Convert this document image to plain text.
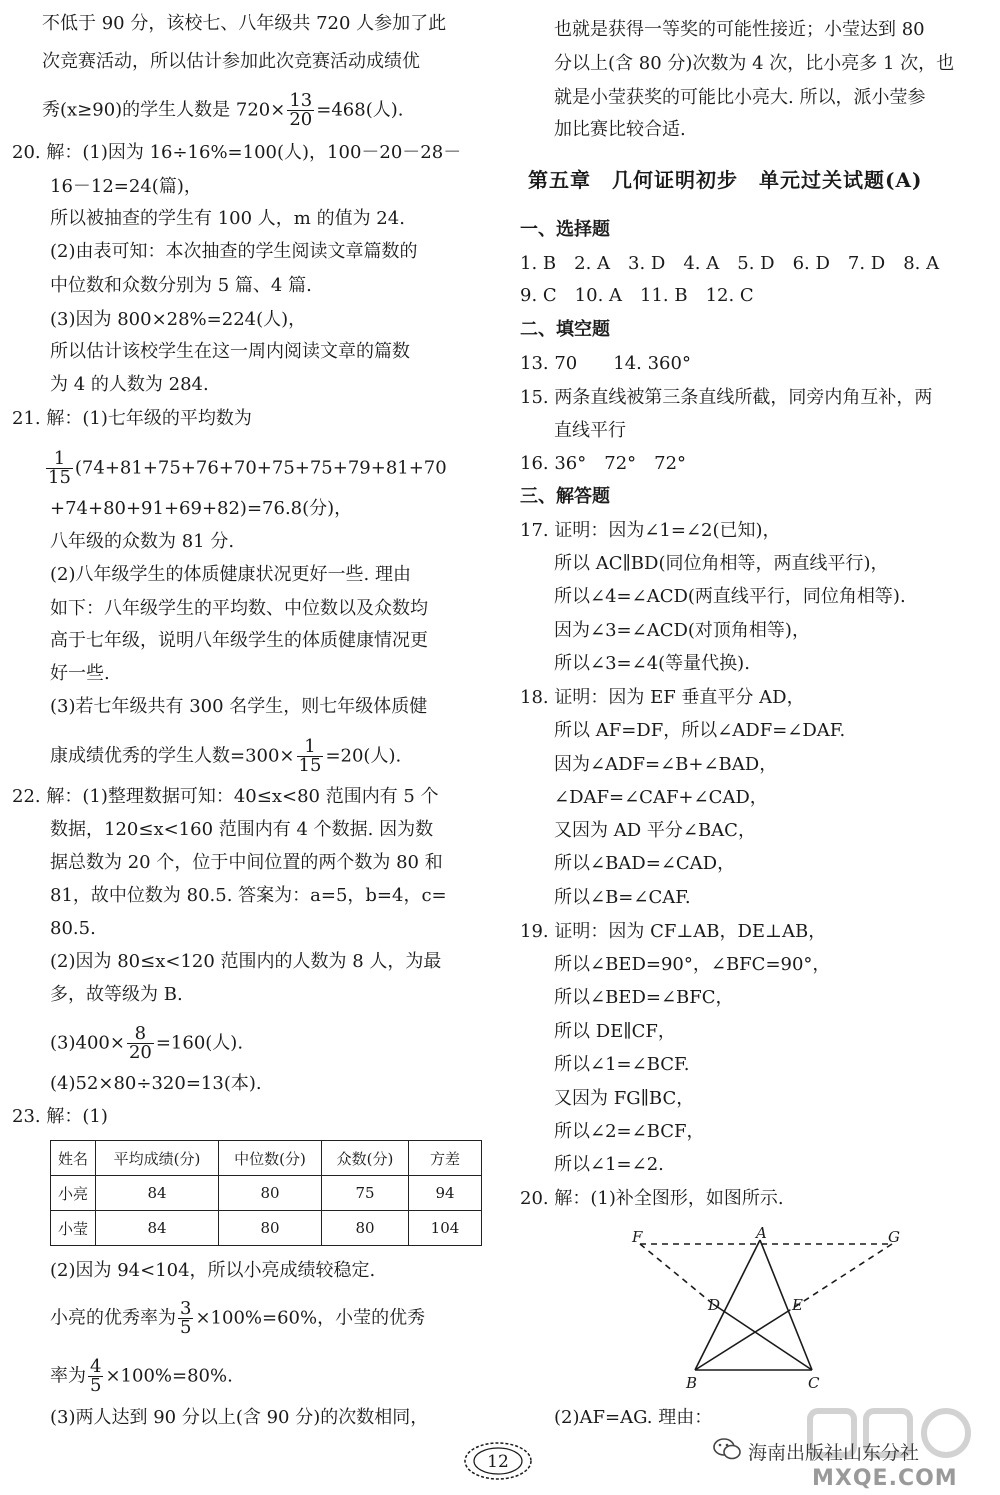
不低于 90 分，该校七、八年级共 720 人参加了此
次竞赛活动，所以估计参加此次竞赛活动成绩优
秀(x≥90)的学生人数是 $720\times \frac{13}{20} =468$(人).
20. 解：(1)因为 16÷16%=100(人)，100－20－28－
16－12=24(篇)，
所以被抽查的学生有 100 人，m 的值为 24.
(2)由表可知：本次抽查的学生阅读文章篇数的
中位数和众数分别为 5 篇、4 篇.
(3)因为 800×28%=224(人)，
所以估计该校学生在这一周内阅读文章的篇数
为 4 的人数为 284.
21. 解：(1)七年级的平均数为
$\frac{1}{15} (74+81+75+76+70+75+75+79+81+70$
+74+80+91+69+82)=76.8(分)，
八年级的众数为 81 分.
(2)八年级学生的体质健康状况更好一些. 理由
如下：八年级学生的平均数、中位数以及众数均
高于七年级，说明八年级学生的体质健康情况更
好一些.
(3)若七年级共有 300 名学生，则七年级体质健
康成绩优秀的学生人数$=300\times \frac{1}{15} =20$(人).
22. 解：(1)整理数据可知：40≤x<80 范围内有 5 个
数据，120≤x<160 范围内有 4 个数据. 因为数
据总数为 20 个，位于中间位置的两个数为 80 和
81，故中位数为 80.5. 答案为：a=5，b=4，c=
80.5.
(2)因为 80≤x<120 范围内的人数为 8 人，为最
多，故等级为 B.
$(3)400\times \frac{8}{20} =160$(人).
(4)52×80÷320=13(本).
23. 解：(1)
姓名	平均成绩(分)	中位数(分)	众数(分)	方差
小亮	84	80	75	94
小莹	84	80	80	104
(2)因为 94<104，所以小亮成绩较稳定.
小亮的优秀率为 $\frac{3}{5} \times 100\%=60\%$，小莹的优秀
率为 $\frac{4}{5} \times 100\%=80\%$.
(3)两人达到 90 分以上(含 90 分)的次数相同，
也就是获得一等奖的可能性接近；小莹达到 80
分以上(含 80 分)次数为 4 次，比小亮多 1 次，也
就是小莹获奖的可能比小亮大. 所以，派小莹参
加比赛比较合适.
第五章　几何证明初步　单元过关试题(A)
一、选择题
1. B　2. A　3. D　4. A　5. D　6. D　7. D　8. A
9. C　10. A　11. B　12. C
二、填空题
13. 70　　14. 360°
15. 两条直线被第三条直线所截，同旁内角互补，两
直线平行
16. 36°　72°　72°
三、解答题
17. 证明：因为∠1=∠2(已知)，
所以 AC∥BD(同位角相等，两直线平行)，
所以∠4=∠ACD(两直线平行，同位角相等).
因为∠3=∠ACD(对顶角相等)，
所以∠3=∠4(等量代换).
18. 证明：因为 EF 垂直平分 AD，
所以 AF=DF，所以∠ADF=∠DAF.
因为∠ADF=∠B+∠BAD，
∠DAF=∠CAF+∠CAD，
又因为 AD 平分∠BAC，
所以∠BAD=∠CAD，
所以∠B=∠CAF.
19. 证明：因为 CF⊥AB，DE⊥AB，
所以∠BED=90°，∠BFC=90°，
所以∠BED=∠BFC，
所以 DE∥CF，
所以∠1=∠BCF.
又因为 FG∥BC，
所以∠2=∠BCF，
所以∠1=∠2.
20. 解：(1)补全图形，如图所示.
F	A	G
D	E
B	C
(2)AF=AG. 理由：
12	海南出版社山东分社
MXQE.COM
